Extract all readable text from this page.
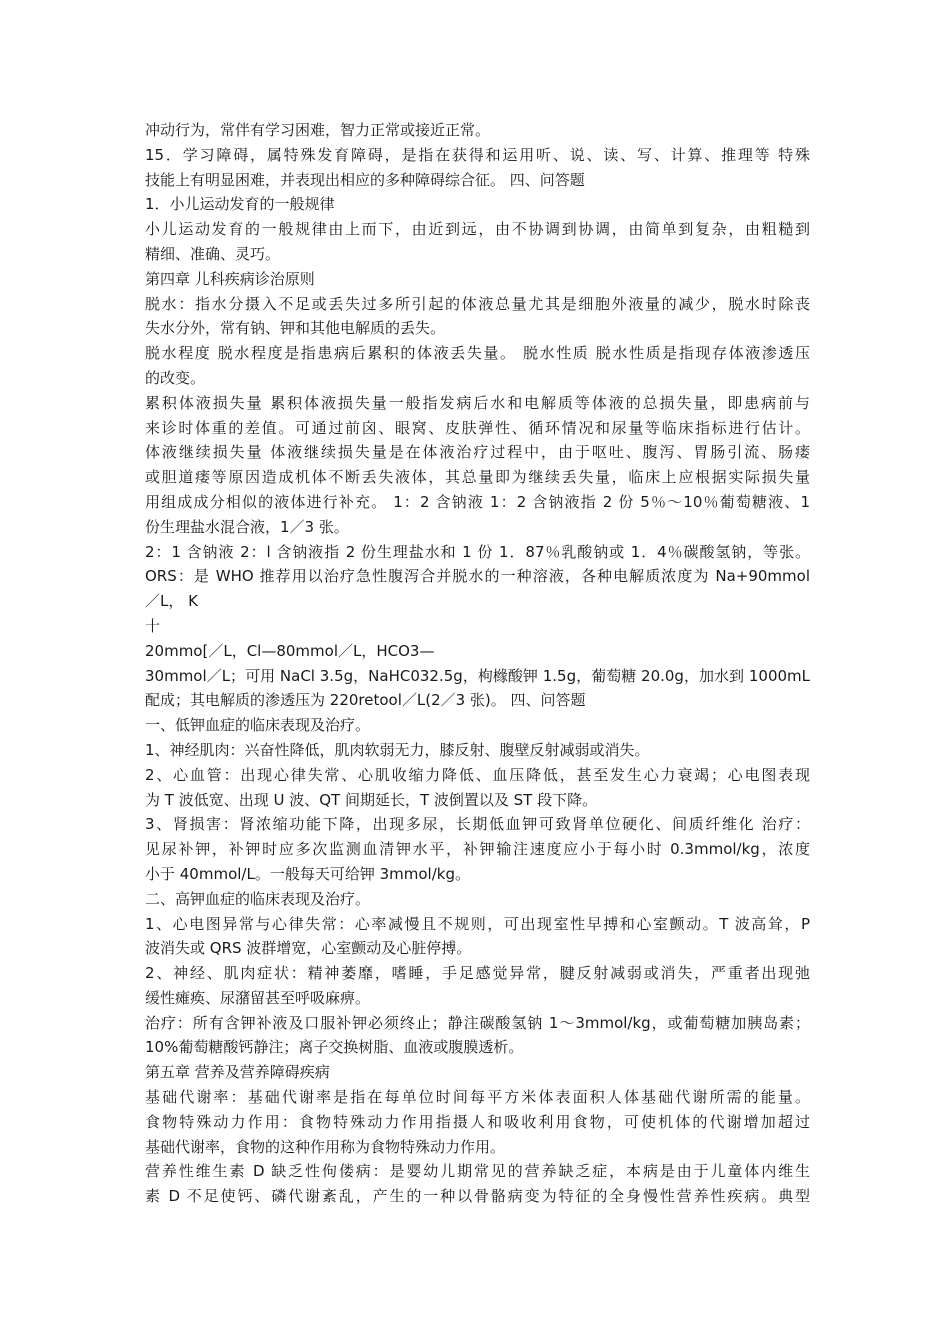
冲动行为，常伴有学习困难，智力正常或接近正常。
15．学习障碍，属特殊发育障碍，是指在获得和运用听、说、读、写、计算、推理等 特殊
技能上有明显困难，并表现出相应的多种障碍综合征。 四、问答题
1．小儿运动发育的一般规律
小儿运动发育的一般规律由上而下，由近到远，由不协调到协调，由简单到复杂，由粗糙到
精细、准确、灵巧。
第四章 儿科疾病诊治原则
脱水：指水分摄入不足或丢失过多所引起的体液总量尤其是细胞外液量的减少，脱水时除丧
失水分外，常有钠、钾和其他电解质的丢失。
脱水程度 脱水程度是指患病后累积的体液丢失量。 脱水性质 脱水性质是指现存体液渗透压
的改变。
累积体液损失量 累积体液损失量一般指发病后水和电解质等体液的总损失量，即患病前与
来诊时体重的差值。可通过前囟、眼窝、皮肤弹性、循环情况和尿量等临床指标进行估计。
体液继续损失量 体液继续损失量是在体液治疗过程中，由于呕吐、腹泻、胃肠引流、肠瘘
或胆道瘘等原因造成机体不断丢失液体，其总量即为继续丢失量，临床上应根据实际损失量
用组成成分相似的液体进行补充。 1：2 含钠液 1：2 含钠液指 2 份 5％～10％葡萄糖液、1
份生理盐水混合液，1／3 张。
2：1 含钠液 2：l 含钠液指 2 份生理盐水和 1 份 1．87％乳酸钠或 1．4％碳酸氢钠，等张。
ORS：是 WHO 推荐用以治疗急性腹泻合并脱水的一种溶液，各种电解质浓度为 Na+90mmol
／L， K
十
20mmo[／L，Cl—80mmol／L，HCO3—
30mmol／L；可用 NaCl 3.5g，NaHC032.5g，枸橼酸钾 1.5g，葡萄糖 20.0g，加水到 1000mL
配成；其电解质的渗透压为 220retool／L(2／3 张)。 四、问答题
一、低钾血症的临床表现及治疗。
1、神经肌肉：兴奋性降低，肌肉软弱无力，膝反射、腹壁反射减弱或消失。
2、心血管：出现心律失常、心肌收缩力降低、血压降低，甚至发生心力衰竭；心电图表现
为 T 波低宽、出现 U 波、QT 间期延长，T 波倒置以及 ST 段下降。
3、肾损害：肾浓缩功能下降，出现多尿，长期低血钾可致肾单位硬化、间质纤维化 治疗：
见尿补钾，补钾时应多次监测血清钾水平，补钾输注速度应小于每小时 0.3mmol/kg，浓度
小于 40mmol/L。一般每天可给钾 3mmol/kg。
二、高钾血症的临床表现及治疗。
1、心电图异常与心律失常：心率减慢且不规则，可出现室性早搏和心室颤动。T 波高耸，P
波消失或 QRS 波群增宽，心室颤动及心脏停搏。
2、神经、肌肉症状：精神萎靡，嗜睡，手足感觉异常，腱反射减弱或消失，严重者出现弛
缓性瘫痪、尿潴留甚至呼吸麻痹。
治疗：所有含钾补液及口服补钾必须终止；静注碳酸氢钠 1～3mmol/kg，或葡萄糖加胰岛素；
10%葡萄糖酸钙静注；离子交换树脂、血液或腹膜透析。
第五章 营养及营养障碍疾病
基础代谢率：基础代谢率是指在每单位时间每平方米体表面积人体基础代谢所需的能量。
食物特殊动力作用：食物特殊动力作用指摄人和吸收利用食物，可使机体的代谢增加超过
基础代谢率，食物的这种作用称为食物特殊动力作用。
营养性维生素 D 缺乏性佝偻病：是婴幼儿期常见的营养缺乏症，本病是由于儿童体内维生
素 D 不足使钙、磷代谢紊乱，产生的一种以骨骼病变为特征的全身慢性营养性疾病。典型
